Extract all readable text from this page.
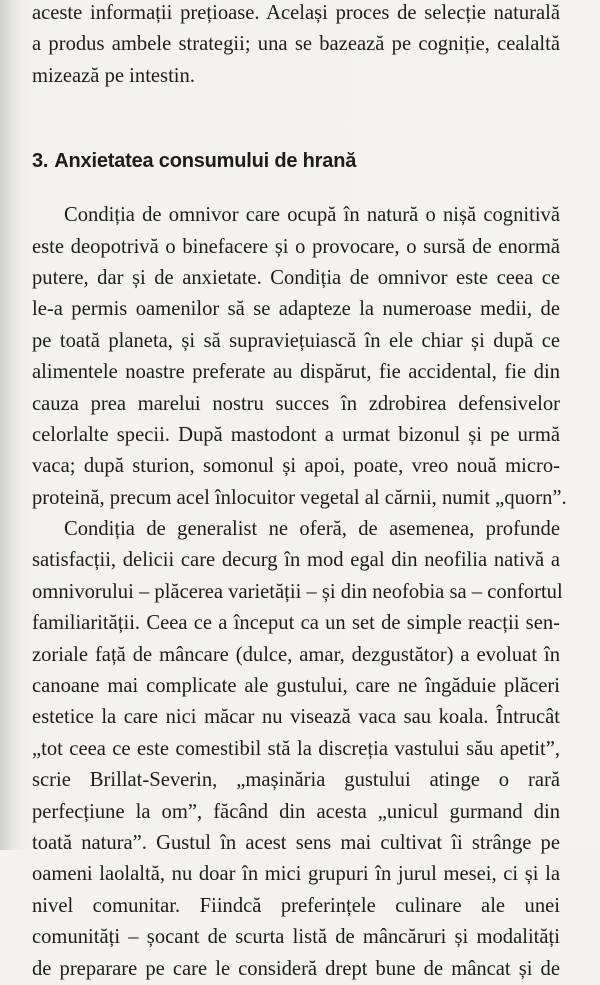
aceste informații prețioase. Același proces de selecție naturală
a produs ambele strategii; una se bazează pe cogniție, cealaltă
mizează pe intestin.
3. Anxietatea consumului de hrană
Condiția de omnivor care ocupă în natură o nișă cognitivă
este deopotrivă o binefacere și o provocare, o sursă de enormă
putere, dar și de anxietate. Condiția de omnivor este ceea ce
le-a permis oamenilor să se adapteze la numeroase medii, de
pe toată planeta, și să supraviețuiască în ele chiar și după ce
alimentele noastre preferate au dispărut, fie accidental, fie din
cauza prea marelui nostru succes în zdrobirea defensivelor
celorlalte specii. După mastodont a urmat bizonul și pe urmă
vaca; după sturion, somonul și apoi, poate, vreo nouă micro-
proteină, precum acel înlocuitor vegetal al cărnii, numit „quorn”.
Condiția de generalist ne oferă, de asemenea, profunde
satisfacții, delicii care decurg în mod egal din neofilia nativă a
omnivorului – plăcerea varietății – și din neofobia sa – confortul
familiarității. Ceea ce a început ca un set de simple reacții sen-
zoriale față de mâncare (dulce, amar, dezgustător) a evoluat în
canoane mai complicate ale gustului, care ne îngăduie plăceri
estetice la care nici măcar nu visează vaca sau koala. Întrucât
„tot ceea ce este comestibil stă la discreția vastului său apetit”,
scrie Brillat-Severin, „mașinăria gustului atinge o rară
perfecțiune la om”, făcând din acesta „unicul gurmand din
toată natura”. Gustul în acest sens mai cultivat îi strânge pe
oameni laolaltă, nu doar în mici grupuri în jurul mesei, ci și la
nivel comunitar. Fiindcă preferințele culinare ale unei
comunități – șocant de scurta listă de mâncăruri și modalități
de preparare pe care le consideră drept bune de mâncat și de
